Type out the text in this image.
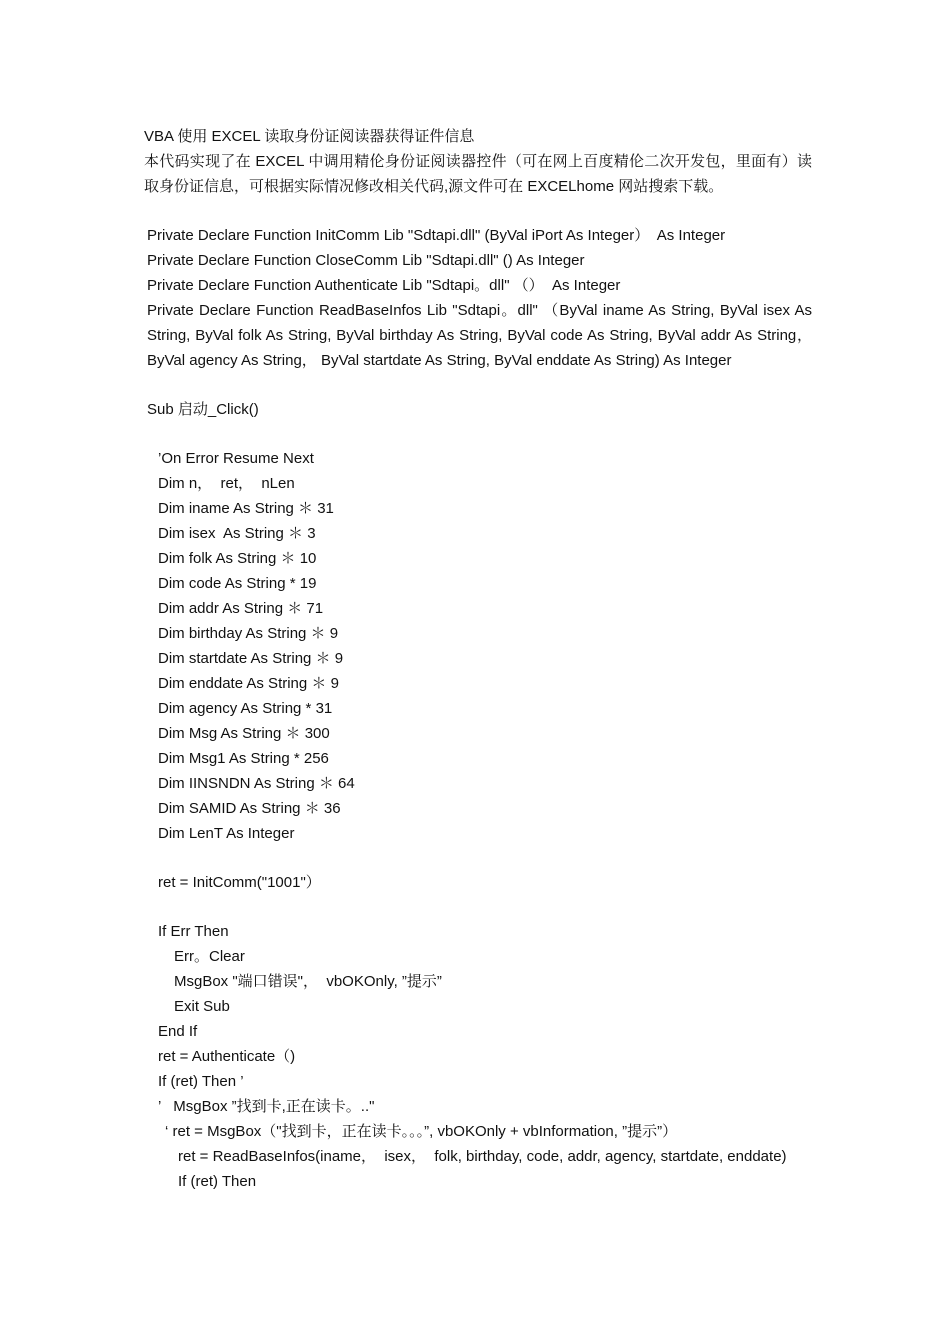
VBA 使用 EXCEL 读取身份证阅读器获得证件信息

本代码实现了在 EXCEL 中调用精伦身份证阅读器控件（可在网上百度精伦二次开发包，里面有）读取身份证信息，可根据实际情况修改相关代码,源文件可在 EXCELhome 网站搜索下载。

Private Declare Function InitComm Lib "Sdtapi.dll" (ByVal iPort As Integer）  As Integer

Private Declare Function CloseComm Lib "Sdtapi.dll" () As Integer

Private Declare Function Authenticate Lib "Sdtapi。dll" （）  As Integer

Private Declare Function ReadBaseInfos Lib "Sdtapi。dll" （ByVal iname As String, ByVal isex As String, ByVal folk As String, ByVal birthday As String, ByVal code As String, ByVal addr As String，ByVal agency As String， ByVal startdate As String, ByVal enddate As String) As Integer

Sub 启动_Click()

’On Error Resume Next

Dim n，  ret，  nLen

Dim iname As String ＊ 31

Dim isex  As String ＊ 3

Dim folk As String ＊ 10

Dim code As String * 19

Dim addr As String ＊ 71

Dim birthday As String ＊ 9

Dim startdate As String ＊ 9

Dim enddate As String ＊ 9

Dim agency As String * 31

Dim Msg As String ＊ 300

Dim Msg1 As String * 256

Dim IINSNDN As String ＊ 64

Dim SAMID As String ＊ 36

Dim LenT As Integer

ret = InitComm("1001"）

If Err Then

Err。Clear

MsgBox "端口错误"，  vbOKOnly, ”提示”

Exit Sub

End If

ret = Authenticate（)

If (ret) Then ’

’   MsgBox ”找到卡,正在读卡。.."

‘ ret = MsgBox（"找到卡，正在读卡。。。”, vbOKOnly + vbInformation, ”提示”）

ret = ReadBaseInfos(iname，  isex，  folk, birthday, code, addr, agency, startdate, enddate)

If (ret) Then
